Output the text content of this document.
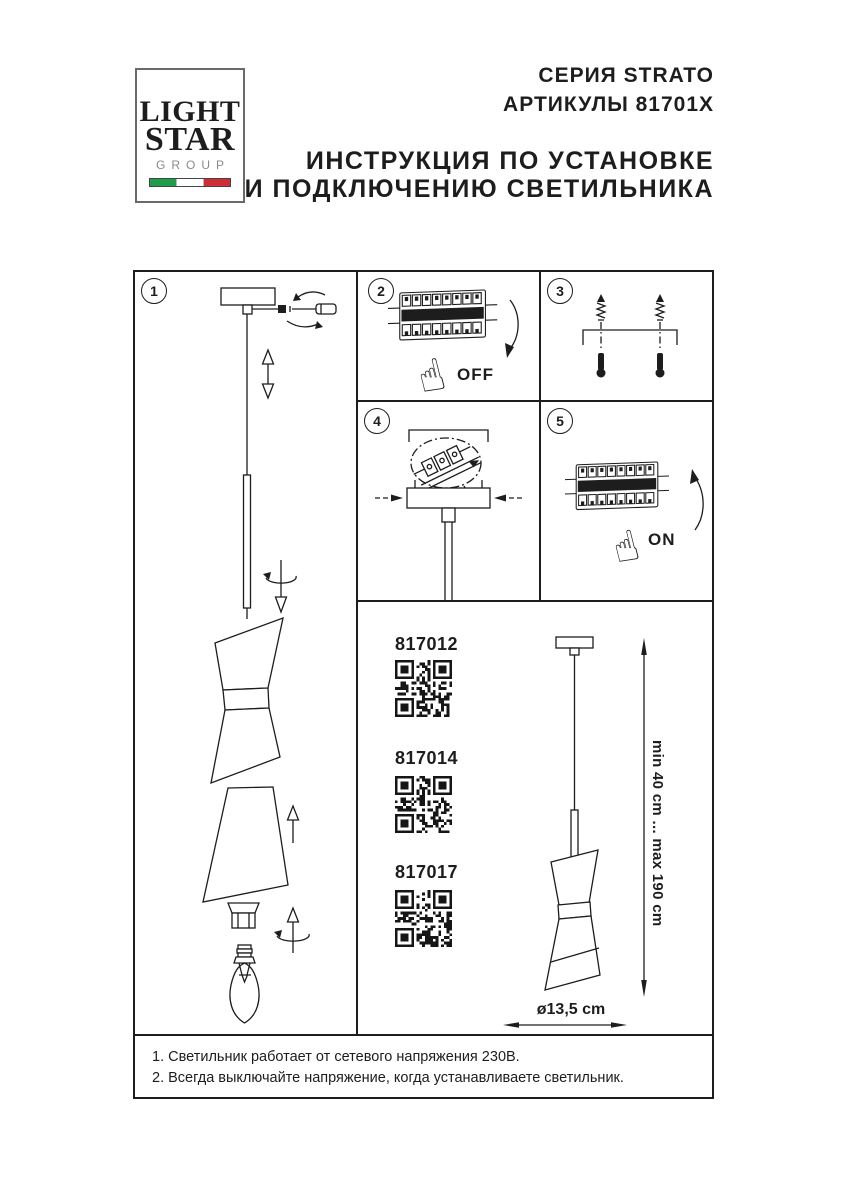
LIGHT
STAR
GROUP
СЕРИЯ STRATO
АРТИКУЛЫ 81701X
ИНСТРУКЦИЯ ПО УСТАНОВКЕ
И ПОДКЛЮЧЕНИЮ СВЕТИЛЬНИКА
1	2
☝ OFF
3
4	5
☝ ON
817012
817014
817017	min 40 cm ... max 190 cm
ø13,5 cm
1. Светильник работает от сетевого напряжения 230В.
2. Всегда выключайте напряжение, когда устанавливаете светильник.
